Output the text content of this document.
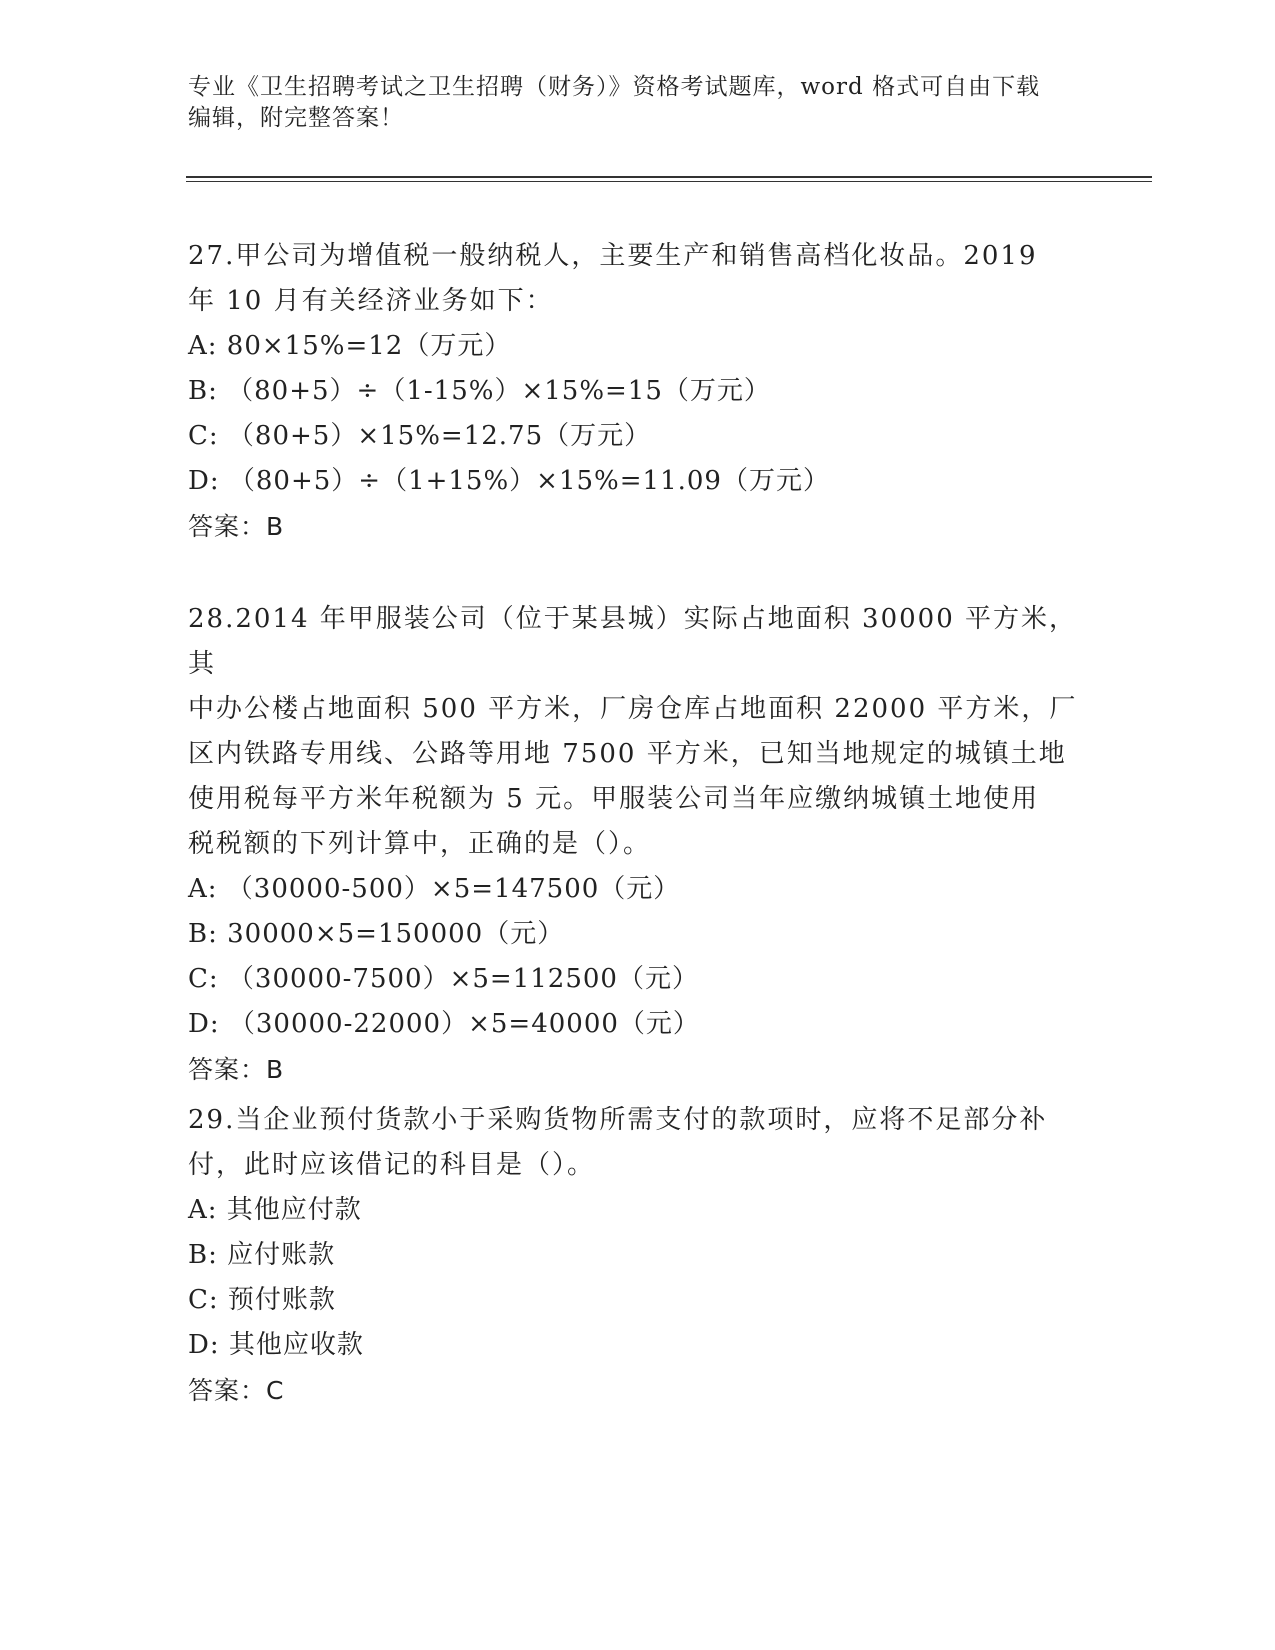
专业《卫生招聘考试之卫生招聘（财务）》资格考试题库，word 格式可自由下载
编辑，附完整答案！

27.甲公司为增值税一般纳税人，主要生产和销售高档化妆品。2019

年 10 月有关经济业务如下：

A: 80×15%=12（万元）

B: （80+5）÷（1-15%）×15%=15（万元）

C: （80+5）×15%=12.75（万元）

D: （80+5）÷（1+15%）×15%=11.09（万元）

答案：B

28.2014 年甲服装公司（位于某县城）实际占地面积 30000 平方米，其

中办公楼占地面积 500 平方米，厂房仓库占地面积 22000 平方米，厂

区内铁路专用线、公路等用地 7500 平方米，已知当地规定的城镇土地

使用税每平方米年税额为 5 元。甲服装公司当年应缴纳城镇土地使用

税税额的下列计算中，正确的是（）。

A: （30000-500）×5=147500（元）

B: 30000×5=150000（元）

C: （30000-7500）×5=112500（元）

D: （30000-22000）×5=40000（元）

答案：B

29.当企业预付货款小于采购货物所需支付的款项时，应将不足部分补

付，此时应该借记的科目是（）。

A: 其他应付款

B: 应付账款

C: 预付账款

D: 其他应收款

答案：C
